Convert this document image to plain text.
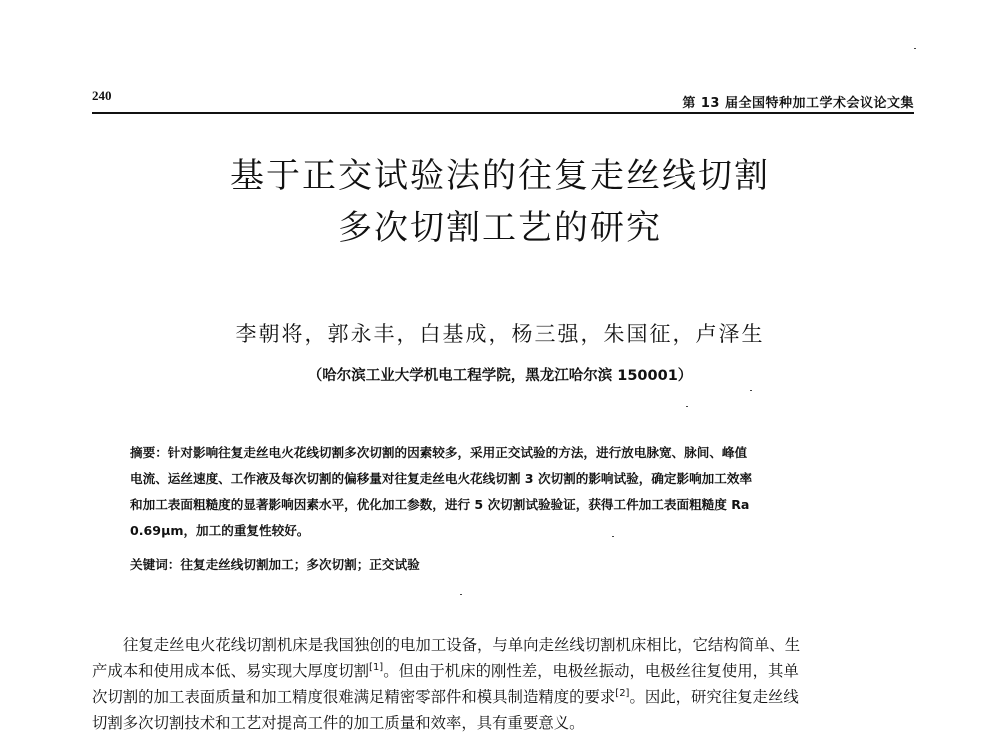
240
第 13 届全国特种加工学术会议论文集
基于正交试验法的往复走丝线切割
多次切割工艺的研究
李朝将，郭永丰，白基成，杨三强，朱国征，卢泽生
（哈尔滨工业大学机电工程学院，黑龙江哈尔滨 150001）
摘要：针对影响往复走丝电火花线切割多次切割的因素较多，采用正交试验的方法，进行放电脉宽、脉间、峰值
电流、运丝速度、工作液及每次切割的偏移量对往复走丝电火花线切割 3 次切割的影响试验，确定影响加工效率
和加工表面粗糙度的显著影响因素水平，优化加工参数，进行 5 次切割试验验证，获得工件加工表面粗糙度 Ra
0.69μm，加工的重复性较好。
关键词：往复走丝线切割加工；多次切割；正交试验
往复走丝电火花线切割机床是我国独创的电加工设备，与单向走丝线切割机床相比，它结构简单、生
产成本和使用成本低、易实现大厚度切割[1]。但由于机床的刚性差，电极丝振动，电极丝往复使用，其单
次切割的加工表面质量和加工精度很难满足精密零部件和模具制造精度的要求[2]。因此，研究往复走丝线
切割多次切割技术和工艺对提高工件的加工质量和效率，具有重要意义。
